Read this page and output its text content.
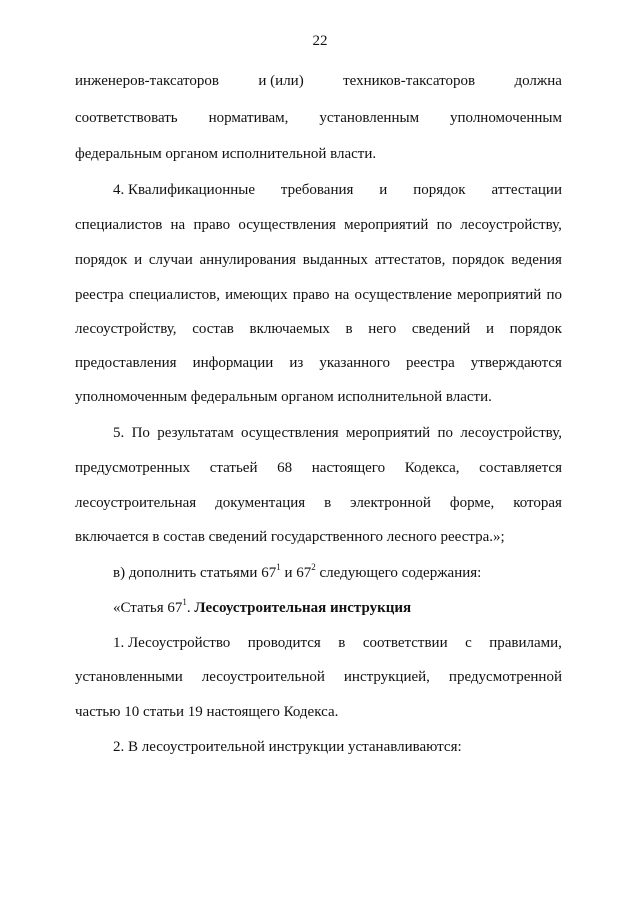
22
инженеров-таксаторов	и (или)	техников-таксаторов	должна
соответствовать нормативам, установленным уполномоченным
федеральным органом исполнительной власти.
4. Квалификационные требования и порядок аттестации
специалистов на право осуществления мероприятий по лесоустройству,
порядок и случаи аннулирования выданных аттестатов, порядок ведения
реестра специалистов, имеющих право на осуществление мероприятий по
лесоустройству, состав включаемых в него сведений и порядок
предоставления информации из указанного реестра утверждаются
уполномоченным федеральным органом исполнительной власти.
5. По результатам осуществления мероприятий по лесоустройству,
предусмотренных статьей 68 настоящего Кодекса, составляется
лесоустроительная документация в электронной форме, которая
включается в состав сведений государственного лесного реестра.»;
в) дополнить статьями $67^1$ и $67^2$ следующего содержания:
«Статья $67^1$. Лесоустроительная инструкция
1. Лесоустройство проводится в соответствии с правилами,
установленными лесоустроительной инструкцией, предусмотренной
частью 10 статьи 19 настоящего Кодекса.
2. В лесоустроительной инструкции устанавливаются:
